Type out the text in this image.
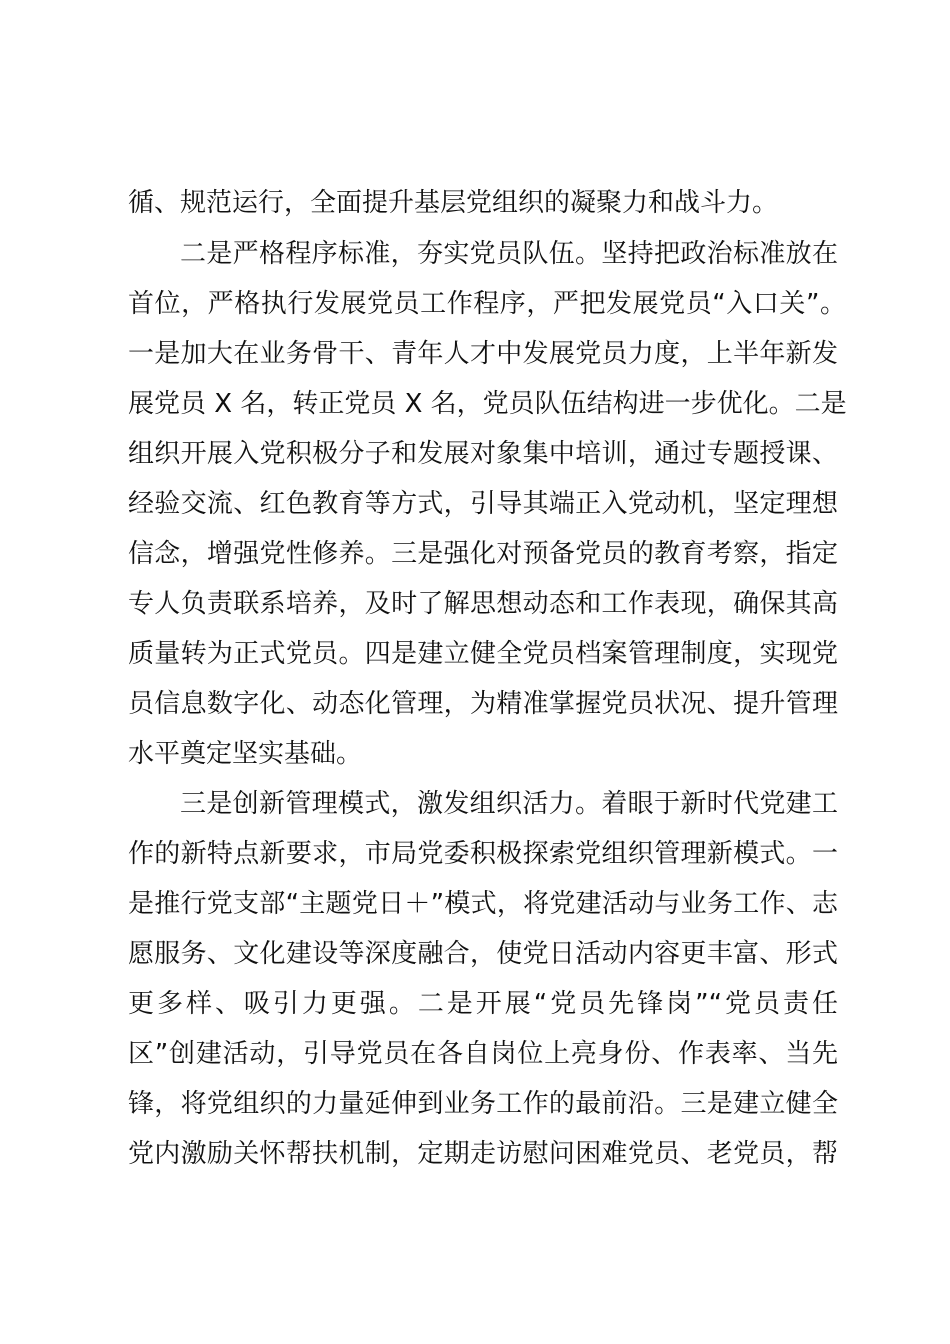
循、规范运行，全面提升基层党组织的凝聚力和战斗力。
二是严格程序标准，夯实党员队伍。坚持把政治标准放在
首位，严格执行发展党员工作程序，严把发展党员“入口关”。
一是加大在业务骨干、青年人才中发展党员力度，上半年新发
展党员 X 名，转正党员 X 名，党员队伍结构进一步优化。二是
组织开展入党积极分子和发展对象集中培训，通过专题授课、
经验交流、红色教育等方式，引导其端正入党动机，坚定理想
信念，增强党性修养。三是强化对预备党员的教育考察，指定
专人负责联系培养，及时了解思想动态和工作表现，确保其高
质量转为正式党员。四是建立健全党员档案管理制度，实现党
员信息数字化、动态化管理，为精准掌握党员状况、提升管理
水平奠定坚实基础。
三是创新管理模式，激发组织活力。着眼于新时代党建工
作的新特点新要求，市局党委积极探索党组织管理新模式。一
是推行党支部“主题党日＋”模式，将党建活动与业务工作、志
愿服务、文化建设等深度融合，使党日活动内容更丰富、形式
更多样、吸引力更强。二是开展“党员先锋岗”“党员责任
区”创建活动，引导党员在各自岗位上亮身份、作表率、当先
锋，将党组织的力量延伸到业务工作的最前沿。三是建立健全
党内激励关怀帮扶机制，定期走访慰问困难党员、老党员，帮
